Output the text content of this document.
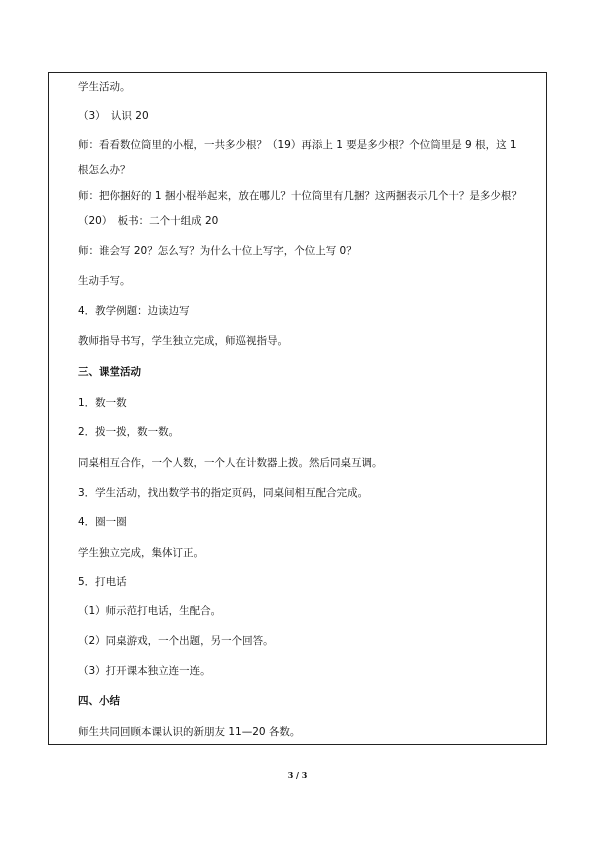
学生活动。
（3）　认识 20
师：看看数位筒里的小棍，一共多少根？（19）再添上 1 要是多少根？个位筒里是 9 根，这 1 根怎么办？
师：把你捆好的 1 捆小棍举起来，放在哪儿？十位筒里有几捆？这两捆表示几个十？是多少根？（20）　板书：二个十组成 20
师：谁会写 20？怎么写？为什么十位上写字，个位上写 0？
生动手写。
4．教学例题：边读边写
教师指导书写，学生独立完成，师巡视指导。
三、课堂活动
1．数一数
2．拨一拨，数一数。
同桌相互合作，一个人数，一个人在计数器上拨。然后同桌互调。
3．学生活动，找出数学书的指定页码，同桌间相互配合完成。
4．圈一圈
学生独立完成，集体订正。
5．打电话
（1）师示范打电话，生配合。
（2）同桌游戏，一个出题，另一个回答。
（3）打开课本独立连一连。
四、小结
师生共同回顾本课认识的新朋友 11—20 各数。
3 / 3
